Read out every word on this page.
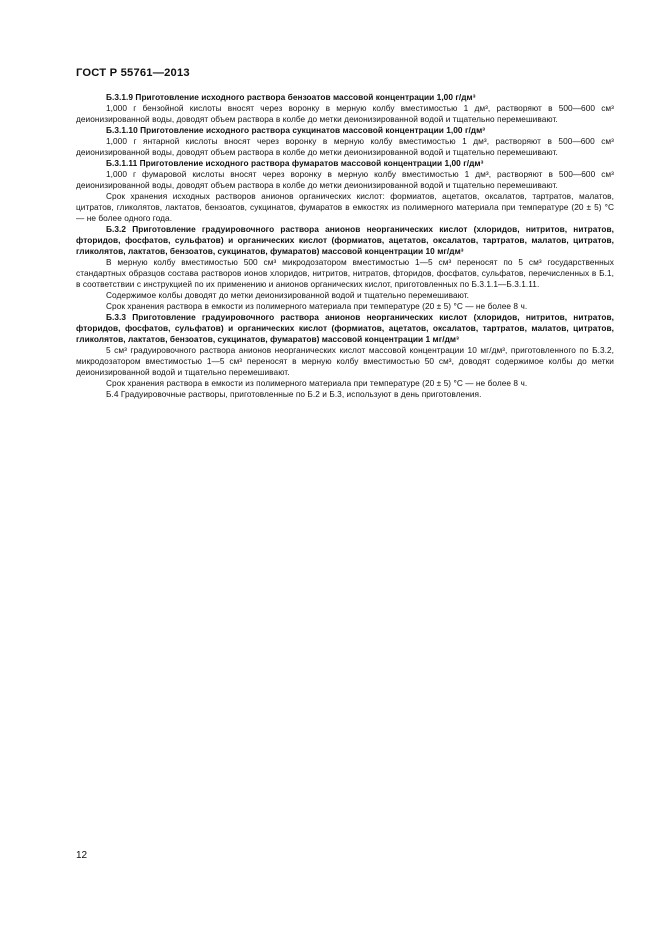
ГОСТ Р 55761—2013

Б.3.1.9 Приготовление исходного раствора бензоатов массовой концентрации 1,00 г/дм³

1,000 г бензойной кислоты вносят через воронку в мерную колбу вместимостью 1 дм³, растворяют в 500—600 см³ деионизированной воды, доводят объем раствора в колбе до метки деионизированной водой и тщательно перемешивают.

Б.3.1.10 Приготовление исходного раствора сукцинатов массовой концентрации 1,00 г/дм³

1,000 г янтарной кислоты вносят через воронку в мерную колбу вместимостью 1 дм³, растворяют в 500—600 см³ деионизированной воды, доводят объем раствора в колбе до метки деионизированной водой и тщательно перемешивают.

Б.3.1.11 Приготовление исходного раствора фумаратов массовой концентрации 1,00 г/дм³

1,000 г фумаровой кислоты вносят через воронку в мерную колбу вместимостью 1 дм³, растворяют в 500—600 см³ деионизированной воды, доводят объем раствора в колбе до метки деионизированной водой и тщательно перемешивают.

Срок хранения исходных растворов анионов органических кислот: формиатов, ацетатов, оксалатов, тартратов, малатов, цитратов, гликолятов, лактатов, бензоатов, сукцинатов, фумаратов в емкостях из полимерного материала при температуре (20 ± 5) °С — не более одного года.

Б.3.2 Приготовление градуировочного раствора анионов неорганических кислот (хлоридов, нитритов, нитратов, фторидов, фосфатов, сульфатов) и органических кислот (формиатов, ацетатов, оксалатов, тартратов, малатов, цитратов, гликолятов, лактатов, бензоатов, сукцинатов, фумаратов) массовой концентрации 10 мг/дм³

В мерную колбу вместимостью 500 см³ микродозатором вместимостью 1—5 см³ переносят по 5 см³ государственных стандартных образцов состава растворов ионов хлоридов, нитритов, нитратов, фторидов, фосфатов, сульфатов, перечисленных в Б.1, в соответствии с инструкцией по их применению и анионов органических кислот, приготовленных по Б.3.1.1—Б.3.1.11.

Содержимое колбы доводят до метки деионизированной водой и тщательно перемешивают.

Срок хранения раствора в емкости из полимерного материала при температуре (20 ± 5) °С — не более 8 ч.

Б.3.3 Приготовление градуировочного раствора анионов неорганических кислот (хлоридов, нитритов, нитратов, фторидов, фосфатов, сульфатов) и органических кислот (формиатов, ацетатов, оксалатов, тартратов, малатов, цитратов, гликолятов, лактатов, бензоатов, сукцинатов, фумаратов) массовой концентрации 1 мг/дм³

5 см³ градуировочного раствора анионов неорганических кислот массовой концентрации 10 мг/дм³, приготовленного по Б.3.2, микродозатором вместимостью 1—5 см³ переносят в мерную колбу вместимостью 50 см³, доводят содержимое колбы до метки деионизированной водой и тщательно перемешивают.

Срок хранения раствора в емкости из полимерного материала при температуре (20 ± 5) °С — не более 8 ч.

Б.4 Градуировочные растворы, приготовленные по Б.2 и Б.3, используют в день приготовления.

12
